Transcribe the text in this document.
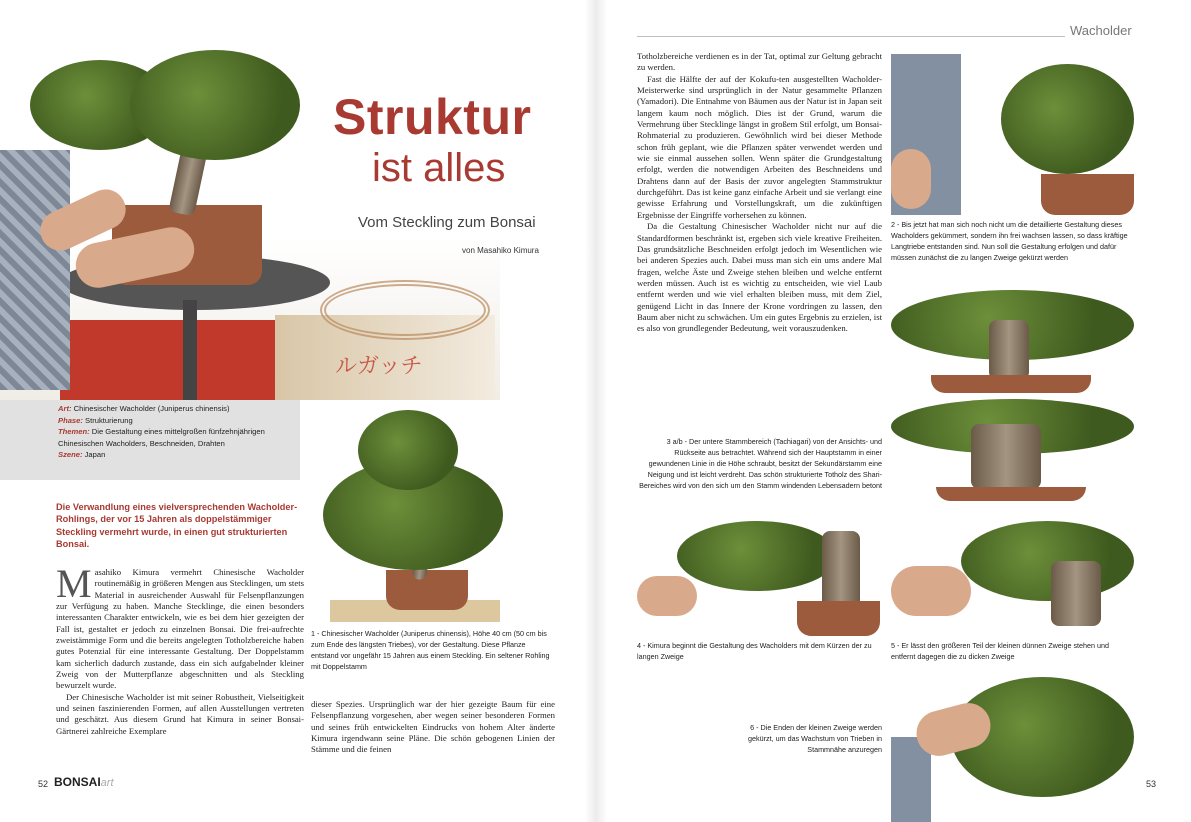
ルガッチ
Struktur
ist alles
Vom Steckling zum Bonsai
von Masahiko Kimura
Art: Chinesischer Wacholder (Juniperus chinensis)
Phase: Strukturierung
Themen: Die Gestaltung eines mittelgroßen fünfzehnjährigen Chinesischen Wacholders, Beschneiden, Drahten
Szene: Japan
1 - Chinesischer Wacholder (Juniperus chinensis), Höhe 40 cm (50 cm bis zum Ende des längsten Triebes), vor der Gestaltung. Diese Pflanze entstand vor ungefähr 15 Jahren aus einem Steckling. Ein seltener Rohling mit Doppelstamm
Die Verwandlung eines vielversprechenden Wacholder-Rohlings, der vor 15 Jahren als doppelstämmiger Steckling vermehrt wurde, in einen gut strukturierten Bonsai.
Masahiko Kimura vermehrt Chinesische Wacholder routinemäßig in größeren Mengen aus Stecklingen, um stets Material in ausreichender Auswahl für Felsenpflanzungen zur Verfügung zu haben. Manche Stecklinge, die einen besonders interessanten Charakter entwickeln, wie es bei dem hier gezeigten der Fall ist, gestaltet er jedoch zu einzelnen Bonsai. Die frei-aufrechte zweistämmige Form und die bereits angelegten Totholzbereiche haben gutes Potenzial für eine interessante Gestaltung. Der Doppelstamm kam sicherlich dadurch zustande, dass ein sich aufgabelnder kleiner Zweig von der Mutterpflanze abgeschnitten und als Steckling bewurzelt wurde.
Der Chinesische Wacholder ist mit seiner Robustheit, Vielseitigkeit und seinen faszinierenden Formen, auf allen Ausstellungen vertreten und geschätzt. Aus diesem Grund hat Kimura in seiner Bonsai-Gärtnerei zahlreiche Exemplare
dieser Spezies. Ursprünglich war der hier gezeigte Baum für eine Felsenpflanzung vorgesehen, aber wegen seiner besonderen Formen und seines früh entwickelten Eindrucks von hohem Alter änderte Kimura irgendwann seine Pläne. Die schön gebogenen Linien der Stämme und die feinen
52 BONSAIart
Wacholder
Totholzbereiche verdienen es in der Tat, optimal zur Geltung gebracht zu werden.
Fast die Hälfte der auf der Kokufu-ten ausgestellten Wacholder-Meisterwerke sind ursprünglich in der Natur gesammelte Pflanzen (Yamadori). Die Entnahme von Bäumen aus der Natur ist in Japan seit langem kaum noch möglich. Dies ist der Grund, warum die Vermehrung über Stecklinge längst in großem Stil erfolgt, um Bonsai-Rohmaterial zu produzieren. Gewöhnlich wird bei dieser Methode schon früh geplant, wie die Pflanzen später verwendet werden und wie sie einmal aussehen sollen. Wenn später die Grundgestaltung erfolgt, werden die notwendigen Arbeiten des Beschneidens und Drahtens dann auf der Basis der zuvor angelegten Stammstruktur durchgeführt. Das ist keine ganz einfache Arbeit und sie verlangt eine gewisse Erfahrung und Vorstellungskraft, um die zukünftigen Ergebnisse der Eingriffe vorhersehen zu können.
Da die Gestaltung Chinesischer Wacholder nicht nur auf die Standardformen beschränkt ist, ergeben sich viele kreative Freiheiten. Das grundsätzliche Beschneiden erfolgt jedoch im Wesentlichen wie bei anderen Spezies auch. Dabei muss man sich ein ums andere Mal fragen, welche Äste und Zweige stehen bleiben und welche entfernt werden müssen. Auch ist es wichtig zu entscheiden, wie viel Laub entfernt werden und wie viel erhalten bleiben muss, mit dem Ziel, genügend Licht in das Innere der Krone vordringen zu lassen, den Baum aber nicht zu schwächen. Um ein gutes Ergebnis zu erzielen, ist es also von grundlegender Bedeutung, weit vorauszudenken.
2 - Bis jetzt hat man sich noch nicht um die detaillierte Gestaltung dieses Wacholders gekümmert, sondern ihn frei wachsen lassen, so dass kräftige Langtriebe entstanden sind. Nun soll die Gestaltung erfolgen und dafür müssen zunächst die zu langen Zweige gekürzt werden
3 a/b - Der untere Stammbereich (Tachiagari) von der Ansichts- und Rückseite aus betrachtet. Während sich der Hauptstamm in einer gewundenen Linie in die Höhe schraubt, besitzt der Sekundärstamm eine Neigung und ist leicht verdreht. Das schön strukturierte Totholz des Shari-Bereiches wird von den sich um den Stamm windenden Lebensadern betont
4 - Kimura beginnt die Gestaltung des Wacholders mit dem Kürzen der zu langen Zweige
5 - Er lässt den größeren Teil der kleinen dünnen Zweige stehen und entfernt dagegen die zu dicken Zweige
6 - Die Enden der kleinen Zweige werden gekürzt, um das Wachstum von Trieben in Stammnähe anzuregen
53
